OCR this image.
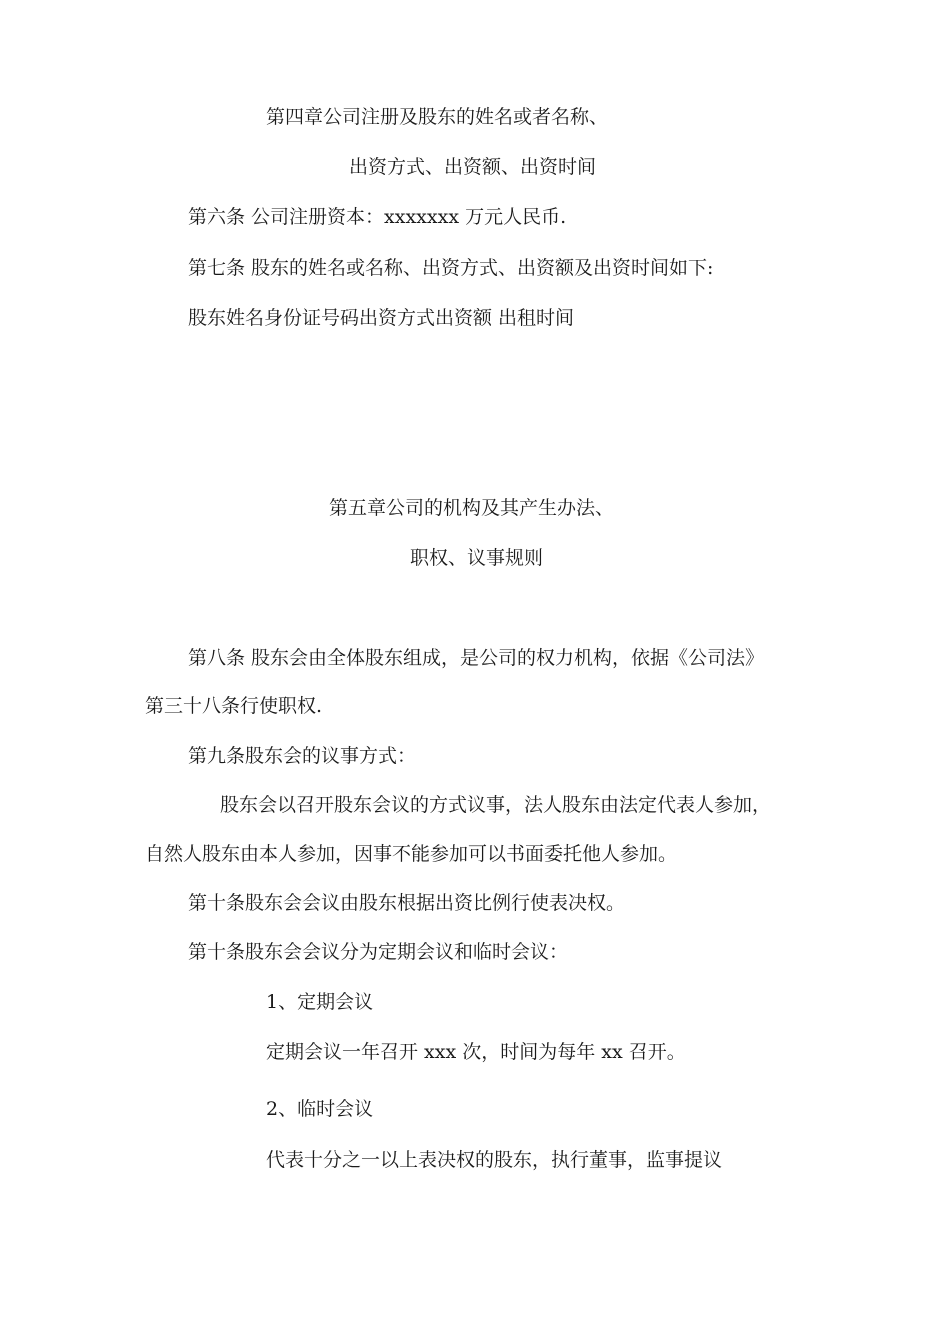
第四章公司注册及股东的姓名或者名称、
出资方式、出资额、出资时间
第六条 公司注册资本：xxxxxxx 万元人民币.
第七条 股东的姓名或名称、出资方式、出资额及出资时间如下:
股东姓名身份证号码出资方式出资额 出租时间
第五章公司的机构及其产生办法、
职权、议事规则
第八条 股东会由全体股东组成，是公司的权力机构，依据《公司法》
第三十八条行使职权.
第九条股东会的议事方式：
股东会以召开股东会议的方式议事，法人股东由法定代表人参加，
自然人股东由本人参加，因事不能参加可以书面委托他人参加。
第十条股东会会议由股东根据出资比例行使表决权。
第十条股东会会议分为定期会议和临时会议：
1、定期会议
定期会议一年召开 xxx 次，时间为每年 xx 召开。
2、临时会议
代表十分之一以上表决权的股东，执行董事，监事提议
